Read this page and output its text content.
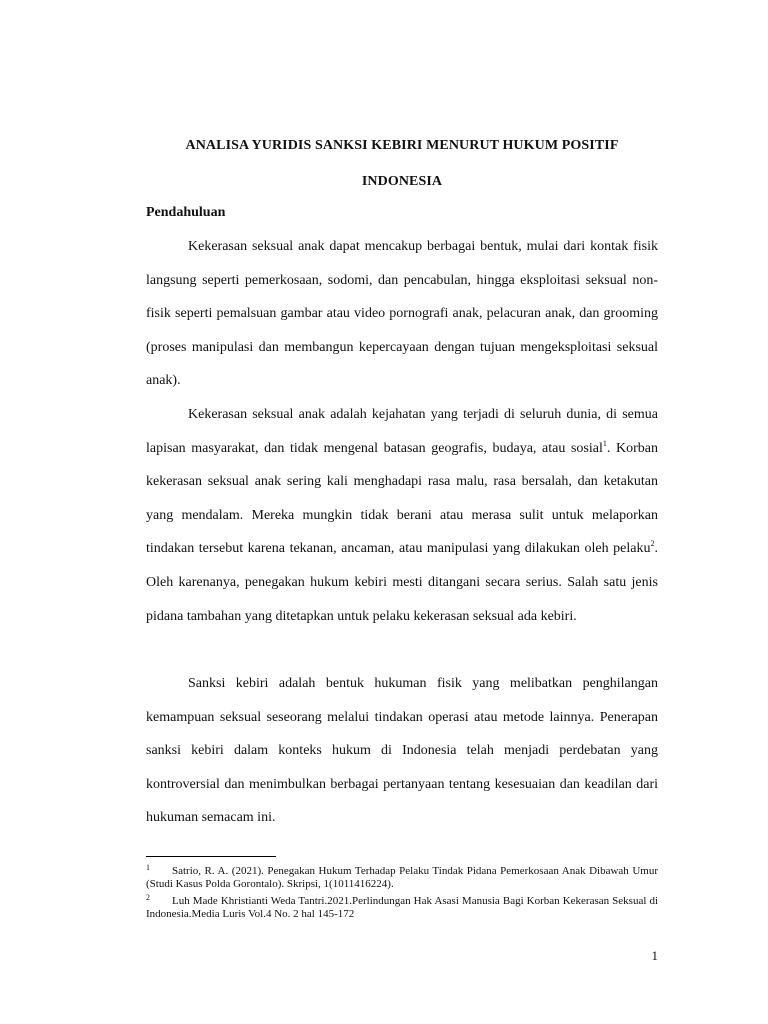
ANALISA YURIDIS SANKSI KEBIRI MENURUT HUKUM POSITIF
INDONESIA
Pendahuluan

Kekerasan seksual anak dapat mencakup berbagai bentuk, mulai dari kontak fisik langsung seperti pemerkosaan, sodomi, dan pencabulan, hingga eksploitasi seksual non-fisik seperti pemalsuan gambar atau video pornografi anak, pelacuran anak, dan grooming (proses manipulasi dan membangun kepercayaan dengan tujuan mengeksploitasi seksual anak).

Kekerasan seksual anak adalah kejahatan yang terjadi di seluruh dunia, di semua lapisan masyarakat, dan tidak mengenal batasan geografis, budaya, atau sosial$^1$. Korban kekerasan seksual anak sering kali menghadapi rasa malu, rasa bersalah, dan ketakutan yang mendalam. Mereka mungkin tidak berani atau merasa sulit untuk melaporkan tindakan tersebut karena tekanan, ancaman, atau manipulasi yang dilakukan oleh pelaku$^2$. Oleh karenanya, penegakan hukum kebiri mesti ditangani secara serius. Salah satu jenis pidana tambahan yang ditetapkan untuk pelaku kekerasan seksual ada kebiri.

Sanksi kebiri adalah bentuk hukuman fisik yang melibatkan penghilangan kemampuan seksual seseorang melalui tindakan operasi atau metode lainnya. Penerapan sanksi kebiri dalam konteks hukum di Indonesia telah menjadi perdebatan yang kontroversial dan menimbulkan berbagai pertanyaan tentang kesesuaian dan keadilan dari hukuman semacam ini.

$^1$ Satrio, R. A. (2021). Penegakan Hukum Terhadap Pelaku Tindak Pidana Pemerkosaan Anak Dibawah Umur (Studi Kasus Polda Gorontalo). Skripsi, 1(1011416224).

$^2$ Luh Made Khristianti Weda Tantri.2021.Perlindungan Hak Asasi Manusia Bagi Korban Kekerasan Seksual di Indonesia.Media Luris Vol.4 No. 2 hal 145-172

1
